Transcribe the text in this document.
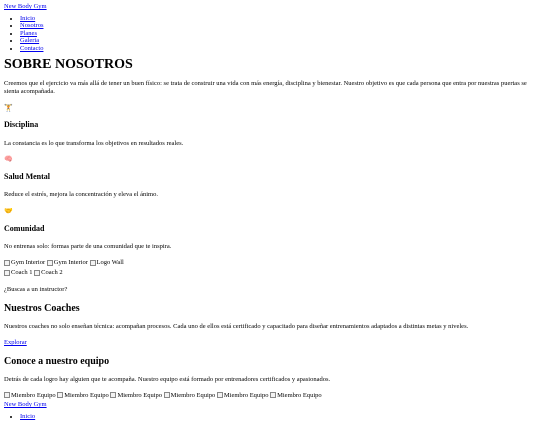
New Body Gym
• Inicio
• Nosotros
• Planes
• Galeria
• Contacto
SOBRE NOSOTROS

Creemos que el ejercicio va más allá de tener un buen físico: se trata de construir una vida con más energía, disciplina y bienestar. Nuestro objetivo es que cada persona que entra por nuestras puertas se sienta acompañada.

🏋
Disciplina

La constancia es lo que transforma los objetivos en resultados reales.

🧠
Salud Mental

Reduce el estrés, mejora la concentración y eleva el ánimo.

🤝
Comunidad

No entrenas solo: formas parte de una comunidad que te inspira.

Gym Interior
Gym Interior
Logo Wall
Coach 1
Coach 2

¿Buscas a un instructor?

Nuestros Coaches

Nuestros coaches no solo enseñan técnica: acompañan procesos. Cada uno de ellos está certificado y capacitado para diseñar entrenamientos adaptados a distintas metas y niveles.

Explorar
Conoce a nuestro equipo

Detrás de cada logro hay alguien que te acompaña. Nuestro equipo está formado por entrenadores certificados y apasionados.

Miembro Equipo
Miembro Equipo
Miembro Equipo
Miembro Equipo
Miembro Equipo
Miembro Equipo
New Body Gym
• Inicio
